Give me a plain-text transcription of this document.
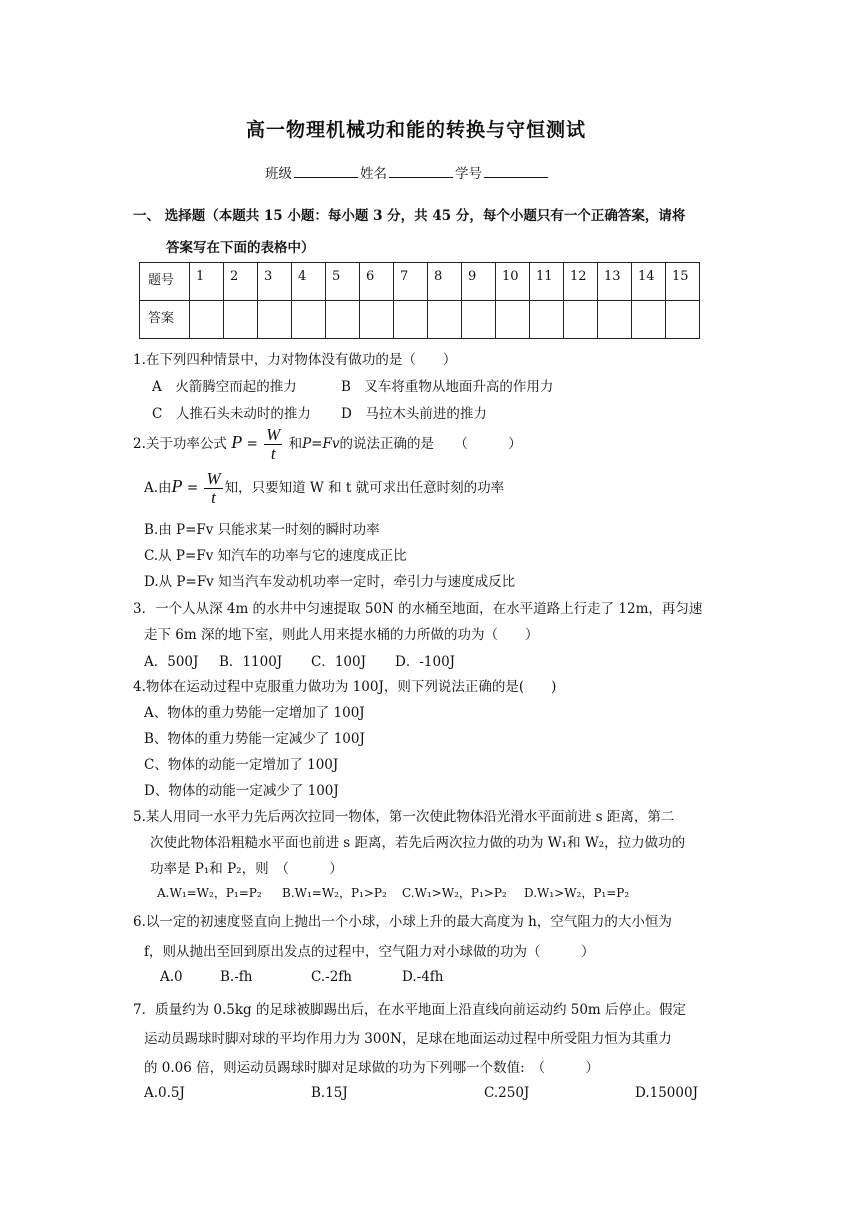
高一物理机械功和能的转换与守恒测试
班级	姓名	学号
一、 选择题（本题共 15 小题：每小题 3 分，共 45 分，每个小题只有一个正确答案，请将
答案写在下面的表格中）
题号	1	2	3	4	5	6	7	8	9	10	11	12	13	14	15
答案															
1.在下列四种情景中，力对物体没有做功的是（　　）
A　火箭腾空而起的推力	B　叉车将重物从地面升高的作用力
C　人推石头未动时的推力 D　马拉木头前进的推力
2.关于功率公式 $P = \frac{W}{t}$ 和P=Fv的说法正确的是　　（　　　）
A.由$P = \frac{W}{t}$ 知，只要知道 W 和 t 就可求出任意时刻的功率
B.由 P=Fv 只能求某一时刻的瞬时功率
C.从 P=Fv 知汽车的功率与它的速度成正比
D.从 P=Fv 知当汽车发动机功率一定时，牵引力与速度成反比
3．一个人从深 4m 的水井中匀速提取 50N 的水桶至地面，在水平道路上行走了 12m，再匀速
走下 6m 深的地下室，则此人用来提水桶的力所做的功为（　　）
A．500J B．1100J C．100J D．-100J
4.物体在运动过程中克服重力做功为 100J，则下列说法正确的是(　　)
A、物体的重力势能一定增加了 100J
B、物体的重力势能一定减少了 100J
C、物体的动能一定增加了 100J
D、物体的动能一定减少了 100J
5.某人用同一水平力先后两次拉同一物体，第一次使此物体沿光滑水平面前进 s 距离，第二
次使此物体沿粗糙水平面也前进 s 距离，若先后两次拉力做的功为 W₁和 W₂，拉力做功的
功率是 P₁和 P₂，则　（　　　）
A.W₁=W₂，P₁=P₂ B.W₁=W₂，P₁>P₂ C.W₁>W₂，P₁>P₂ D.W₁>W₂，P₁=P₂
6.以一定的初速度竖直向上抛出一个小球，小球上升的最大高度为 h，空气阻力的大小恒为
f，则从抛出至回到原出发点的过程中，空气阻力对小球做的功为（　　　）
A.0	B.-fh	C.-2fh	D.-4fh
7．质量约为 0.5kg 的足球被脚踢出后，在水平地面上沿直线向前运动约 50m 后停止。假定
运动员踢球时脚对球的平均作用力为 300N，足球在地面运动过程中所受阻力恒为其重力
的 0.06 倍，则运动员踢球时脚对足球做的功为下列哪一个数值:　（　　　）
A.0.5J	B.15J	C.250J	D.15000J
